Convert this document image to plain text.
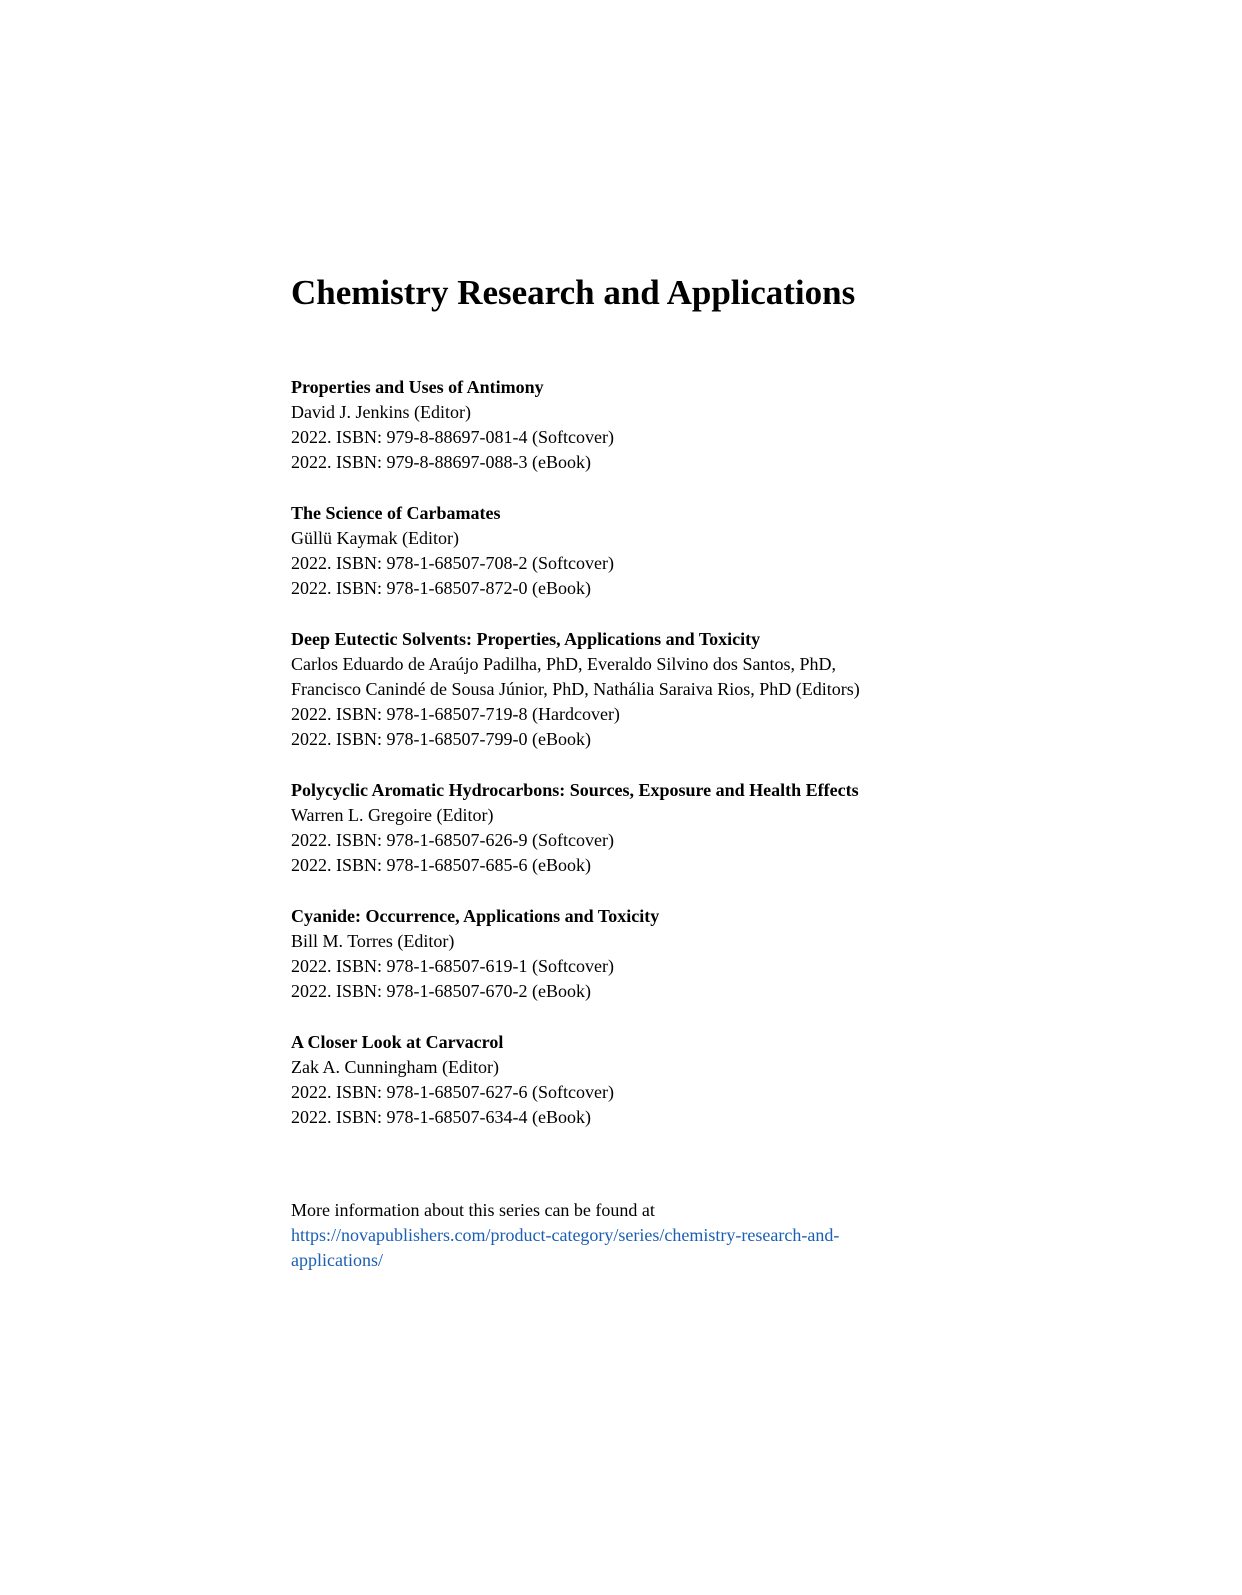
Chemistry Research and Applications
Properties and Uses of Antimony
David J. Jenkins (Editor)
2022. ISBN: 979-8-88697-081-4 (Softcover)
2022. ISBN: 979-8-88697-088-3 (eBook)
The Science of Carbamates
Güllü Kaymak (Editor)
2022. ISBN: 978-1-68507-708-2 (Softcover)
2022. ISBN: 978-1-68507-872-0 (eBook)
Deep Eutectic Solvents: Properties, Applications and Toxicity
Carlos Eduardo de Araújo Padilha, PhD, Everaldo Silvino dos Santos, PhD,
Francisco Canindé de Sousa Júnior, PhD, Nathália Saraiva Rios, PhD (Editors)
2022. ISBN: 978-1-68507-719-8 (Hardcover)
2022. ISBN: 978-1-68507-799-0 (eBook)
Polycyclic Aromatic Hydrocarbons: Sources, Exposure and Health Effects
Warren L. Gregoire (Editor)
2022. ISBN: 978-1-68507-626-9 (Softcover)
2022. ISBN: 978-1-68507-685-6 (eBook)
Cyanide: Occurrence, Applications and Toxicity
Bill M. Torres (Editor)
2022. ISBN: 978-1-68507-619-1 (Softcover)
2022. ISBN: 978-1-68507-670-2 (eBook)
A Closer Look at Carvacrol
Zak A. Cunningham (Editor)
2022. ISBN: 978-1-68507-627-6 (Softcover)
2022. ISBN: 978-1-68507-634-4 (eBook)
More information about this series can be found at
https://novapublishers.com/product-category/series/chemistry-research-and-
applications/
